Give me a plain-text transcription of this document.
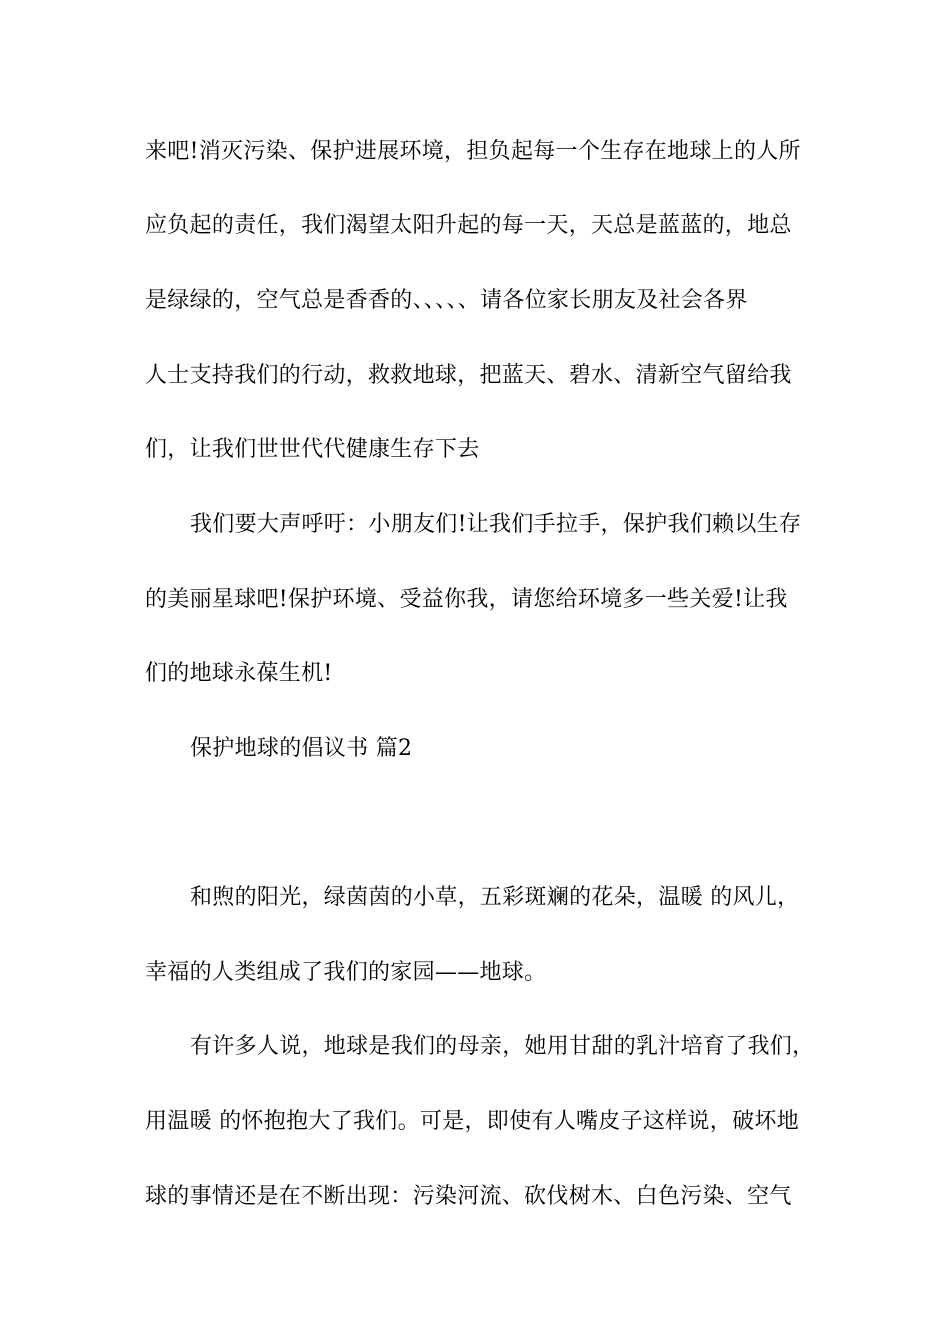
来吧!消灭污染、保护进展环境，担负起每一个生存在地球上的人所
应负起的责任，我们渴望太阳升起的每一天，天总是蓝蓝的，地总
是绿绿的，空气总是香香的、、、、、请各位家长朋友及社会各界
人士支持我们的行动，救救地球，把蓝天、碧水、清新空气留给我
们，让我们世世代代健康生存下去
我们要大声呼吁：小朋友们!让我们手拉手，保护我们赖以生存
的美丽星球吧!保护环境、受益你我，请您给环境多一些关爱!让我
们的地球永葆生机!
保护地球的倡议书 篇2
和煦的阳光，绿茵茵的小草，五彩斑斓的花朵，温暖 的风儿，
幸福的人类组成了我们的家园——地球。
有许多人说，地球是我们的母亲，她用甘甜的乳汁培育了我们，
用温暖 的怀抱抱大了我们。可是，即使有人嘴皮子这样说，破坏地
球的事情还是在不断出现：污染河流、砍伐树木、白色污染、空气
